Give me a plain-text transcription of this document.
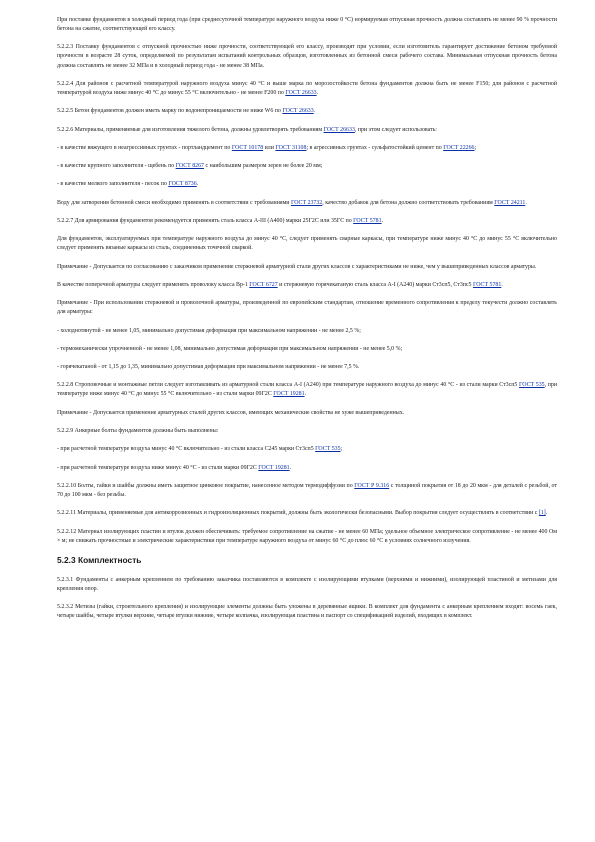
При поставке фундаментов в холодный период года (при среднесуточной температуре наружного воздуха ниже 0 °С) нормируемая отпускная прочность должна составлять не менее 90 % прочности бетона на сжатие, соответствующей его классу.

5.2.2.3 Поставку фундаментов с отпускной прочностью ниже прочности, соответствующей его классу, производят при условии, если изготовитель гарантирует достижение бетоном требуемой прочности в возрасте 28 суток, определяемой по результатам испытаний контрольных образцов, изготовленных из бетонной смеси рабочего состава. Минимальная отпускная прочность бетона должна составлять не менее 32 МПа и в холодный период года - не менее 38 МПа.

5.2.2.4 Для районов с расчетной температурой наружного воздуха минус 40 °С и выше марка по морозостойкости бетона фундаментов должна быть не менее F150; для районов с расчетной температурой воздуха ниже минус 40 °С до минус 55 °С включительно - не менее F200 по ГОСТ 26633.

5.2.2.5 Бетон фундаментов должен иметь марку по водонепроницаемости не ниже W6 по ГОСТ 26633.

5.2.2.6 Материалы, применяемые для изготовления тяжелого бетона, должны удовлетворять требованиям ГОСТ 26633, при этом следует использовать:

- в качестве вяжущего в неагрессивных грунтах - портландцемент по ГОСТ 10178 или ГОСТ 31108; в агрессивных грунтах - сульфатостойкий цемент по ГОСТ 22266;

- в качестве крупного заполнителя - щебень по ГОСТ 8267 с наибольшим размером зерен не более 20 мм;

- в качестве мелкого заполнителя - песок по ГОСТ 8736.

Воду для затворения бетонной смеси необходимо применять в соответствии с требованиями ГОСТ 23732, качество добавок для бетона должно соответствовать требованиям ГОСТ 24211.

5.2.2.7 Для армирования фундаментов рекомендуется применять сталь класса А-III (А400) марки 25Г2С или 35ГС по ГОСТ 5781.

Для фундаментов, эксплуатируемых при температуре наружного воздуха до минус 40 °С, следует применять сварные каркасы, при температуре ниже минус 40 °С до минус 55 °С включительно следует применять вязаные каркасы из сталь, соединенных точечной сваркой.

Примечание - Допускается по согласованию с заказчиком применение стержневой арматурной стали других классов с характеристиками не ниже, чем у вышеприведенных классов арматуры.

В качестве поперечной арматуры следует применять проволоку класса Вр-1 ГОСТ 6727 и стержневую горячекатаную сталь класса А-I (А240) марки Ст3сп5, Ст3пс5 ГОСТ 5781.

Примечание - При использовании стержневой и проволочной арматуры, произведенной по европейским стандартам, отношение временного сопротивления к пределу текучести должно составлять для арматуры:

- холоднотянутой - не менее 1,05, минимально допустимая деформация при максимальном напряжении - не менее 2,5 %;

- термомеханически упрочненной - не менее 1,08, минимально допустимая деформация при максимальном напряжении - не менее 5,0 %;

- горячекатаной - от 1,15 до 1,35, минимально допустимая деформация при максимальном напряжении - не менее 7,5 %.

5.2.2.8 Строповочные и монтажные петли следует изготавливать из арматурной стали класса А-I (А240) при температуре наружного воздуха до минус 40 °С - из стали марки Ст3сп5 ГОСТ 535, при температуре ниже минус 40 °С до минус 55 °С включительно - из стали марки 09Г2С ГОСТ 19281.

Примечание - Допускается применение арматурных сталей других классов, имеющих механические свойства не хуже вышеприведенных.

5.2.2.9 Анкерные болты фундаментов должны быть выполнены:

- при расчетной температуре воздуха минус 40 °С включительно - из стали класса С245 марки Ст3сп5 ГОСТ 535;

- при расчетной температуре воздуха ниже минус 40 °С - из стали марки 09Г2С ГОСТ 19281.

5.2.2.10 Болты, гайки и шайбы должны иметь защитное цинковое покрытие, нанесенное методом термодиффузии по ГОСТ Р 9.316 с толщиной покрытия от 18 до 20 мкм - для деталей с резьбой, от 70 до 100 мкм - без резьбы.

5.2.2.11 Материалы, применяемые для антикоррозионных и гидроизоляционных покрытий, должны быть экологически безопасными. Выбор покрытия следует осуществлять в соответствии с [1].

5.2.2.12 Материал изолирующих пластин и втулок должен обеспечивать: требуемое сопротивление на сжатие - не менее 60 МПа; удельное объемное электрическое сопротивление - не менее 400 Ом × м; не снижать прочностные и электрические характеристики при температуре наружного воздуха от минус 60 °С до плюс 60 °С в условиях солнечного излучения.

5.2.3 Комплектность

5.2.3.1 Фундаменты с анкерным креплением по требованию заказчика поставляются в комплекте с изолирующими втулками (верхними и нижними), изолирующей пластиной и метизами для крепления опор.

5.2.3.2 Метизы (гайки, строительного крепления) и изолирующие элементы должны быть уложены в деревянные ящики. В комплект для фундамента с анкерным креплением входят: восемь гаек, четыре шайбы, четыре втулки верхние, четыре втулки нижние, четыре колпачка, изолирующая пластина и паспорт со спецификацией изделий, входящих в комплект.
